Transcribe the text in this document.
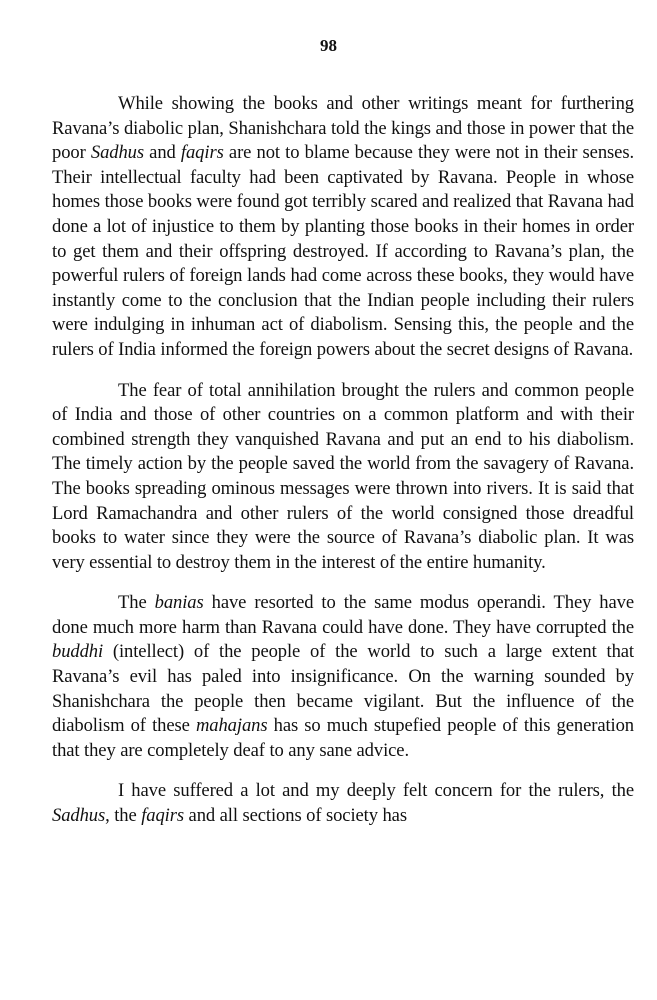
98

While showing the books and other writings meant for furthering Ravana’s diabolic plan, Shanishchara told the kings and those in power that the poor Sadhus and faqirs are not to blame because they were not in their senses. Their intellectual faculty had been captivated by Ravana. People in whose homes those books were found got terribly scared and realized that Ravana had done a lot of injustice to them by planting those books in their homes in order to get them and their offspring destroyed. If according to Ravana’s plan, the powerful rulers of foreign lands had come across these books, they would have instantly come to the conclusion that the Indian people including their rulers were indulging in inhuman act of diabolism. Sensing this, the people and the rulers of India informed the foreign powers about the secret designs of Ravana.

The fear of total annihilation brought the rulers and common people of India and those of other countries on a common platform and with their combined strength they vanquished Ravana and put an end to his diabolism. The timely action by the people saved the world from the savagery of Ravana. The books spreading ominous messages were thrown into rivers. It is said that Lord Ramachandra and other rulers of the world consigned those dreadful books to water since they were the source of Ravana’s diabolic plan. It was very essential to destroy them in the interest of the entire humanity.

The banias have resorted to the same modus operandi. They have done much more harm than Ravana could have done. They have corrupted the buddhi (intellect) of the people of the world to such a large extent that Ravana’s evil has paled into insignificance. On the warning sounded by Shanishchara the people then became vigilant. But the influence of the diabolism of these mahajans has so much stupefied people of this generation that they are completely deaf to any sane advice.

I have suffered a lot and my deeply felt concern for the rulers, the Sadhus, the faqirs and all sections of society has
